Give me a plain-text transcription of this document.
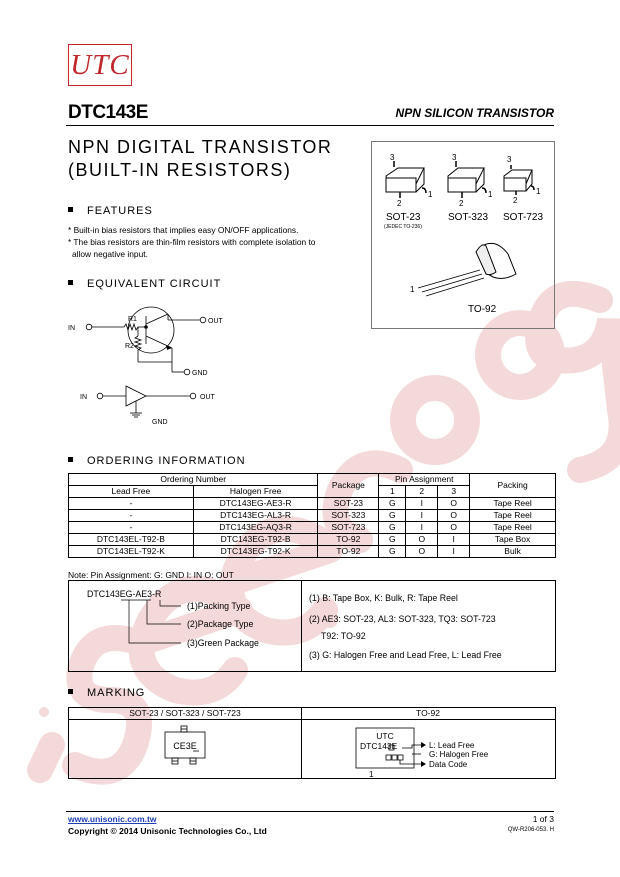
UTC
DTC143E	NPN SILICON TRANSISTOR
NPN DIGITAL TRANSISTOR
(BUILT-IN RESISTORS)
FEATURES
* Built-in bias resistors that implies easy ON/OFF applications.
* The bias resistors are thin-film resistors with complete isolation to
allow negative input.
EQUIVALENT CIRCUIT
IN
OUT
GND
R1
R2
IN	OUT
GND
3
2
1
3
2
1
3
2
1
SOT-23
(JEDEC TO-236)
SOT-323 SOT-723
1
TO-92
ORDERING INFORMATION
Ordering Number		Package	Pin Assignment			Packing
Lead Free	Halogen Free		1	2	3	
-	DTC143EG-AE3-R	SOT-23	G	I	O	Tape Reel
-	DTC143EG-AL3-R	SOT-323	G	I	O	Tape Reel
-	DTC143EG-AQ3-R	SOT-723	G	I	O	Tape Reel
DTC143EL-T92-B	DTC143EG-T92-B	TO-92	G	O	I	Tape Box
DTC143EL-T92-K	DTC143EG-T92-K	TO-92	G	O	I	Bulk
Note: Pin Assignment: G: GND I: IN O: OUT
DTC143EG-AE3-R
(1)Packing Type
(2)Package Type
(3)Green Package
(1) B: Tape Box, K: Bulk, R: Tape Reel
(2) AE3: SOT-23, AL3: SOT-323, TQ3: SOT-723
T92: TO-92
(3) G: Halogen Free and Lead Free, L: Lead Free
MARKING
SOT-23 / SOT-323 / SOT-723	TO-92
CE3E
UTC
DTC143E	L: Lead Free
G: Halogen Free
Data Code
1
www.unisonic.com.tw
Copyright © 2014 Unisonic Technologies Co., Ltd
1 of 3
QW-R206-053. H
